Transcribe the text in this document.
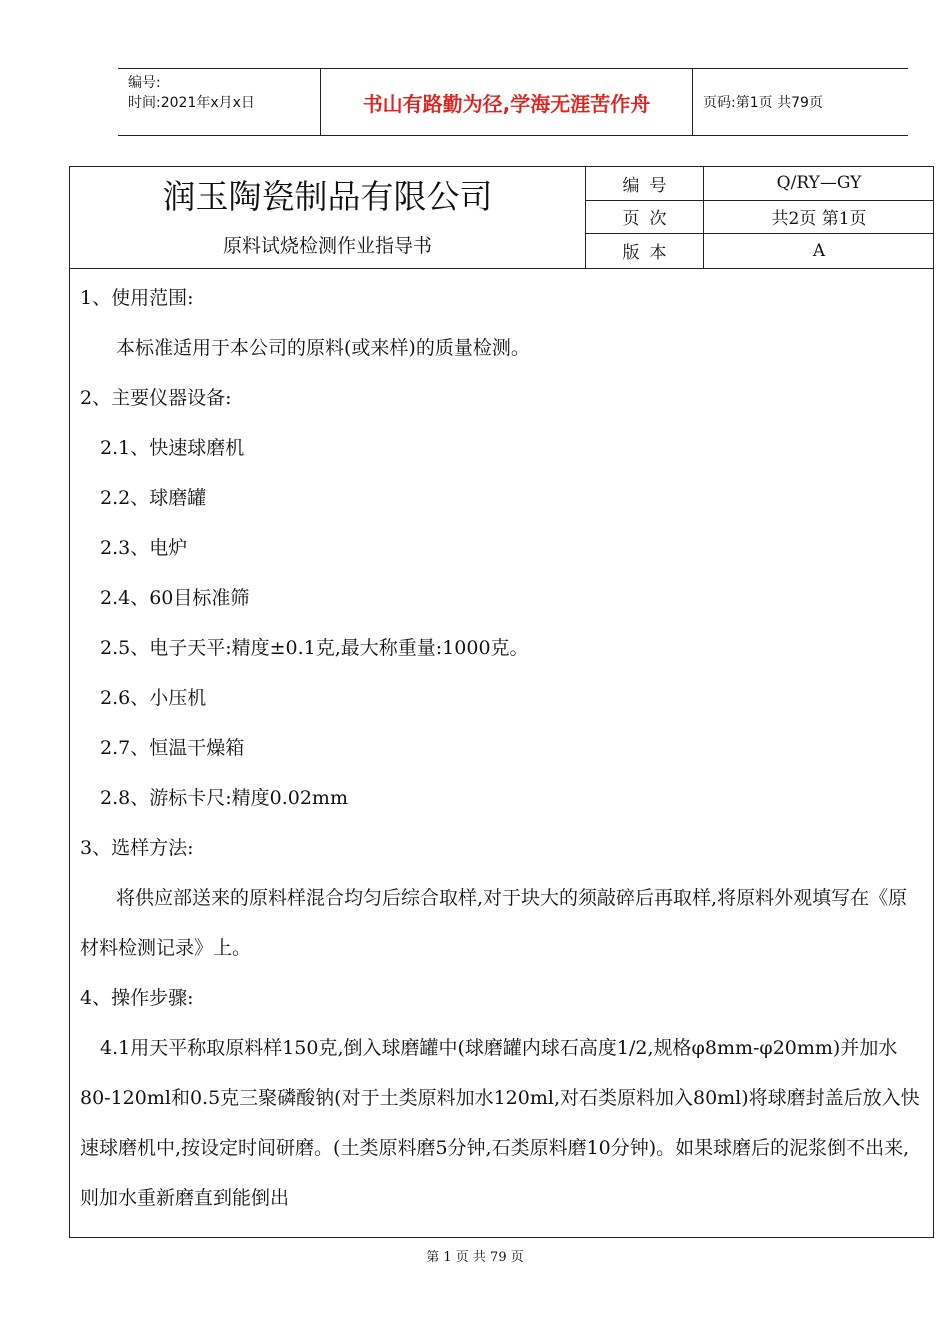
编号:
时间:2021年x月x日	书山有路勤为径,学海无涯苦作舟	页码:第1页 共79页
润玉陶瓷制品有限公司
原料试烧检测作业指导书
编号	Q/RY—GY
页次	共2页 第1页
版本	A

1、使用范围:

本标准适用于本公司的原料(或来样)的质量检测。

2、主要仪器设备:

2.1、快速球磨机

2.2、球磨罐

2.3、电炉

2.4、60目标准筛

2.5、电子天平:精度±0.1克,最大称重量:1000克。

2.6、小压机

2.7、恒温干燥箱

2.8、游标卡尺:精度0.02mm

3、选样方法:

将供应部送来的原料样混合均匀后综合取样,对于块大的须敲碎后再取样,将原料外观填写在《原材料检测记录》上。

4、操作步骤:

4.1用天平称取原料样150克,倒入球磨罐中(球磨罐内球石高度1/2,规格φ8mm-φ20mm)并加水80-120ml和0.5克三聚磷酸钠(对于土类原料加水120ml,对石类原料加入80ml)将球磨封盖后放入快速球磨机中,按设定时间研磨。(土类原料磨5分钟,石类原料磨10分钟)。如果球磨后的泥浆倒不出来,则加水重新磨直到能倒出

第 1 页 共 79 页
